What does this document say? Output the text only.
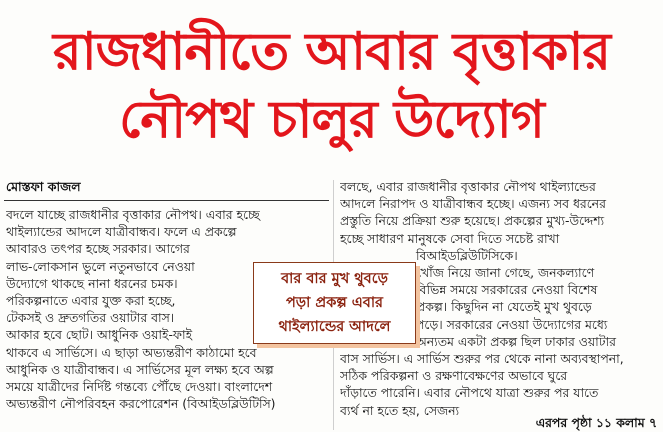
রাজধানীতে আবার বৃত্তাকার
নৌপথ চালুর উদ্যোগ
মোস্তফা কাজল
বদলে যাচ্ছে রাজধানীর বৃত্তাকার নৌপথ। এবার হচ্ছে
থাইল্যান্ডের আদলে যাত্রীবান্ধব। ফলে এ প্রকল্পে
আবারও তৎপর হচ্ছে সরকার। আগের
লাভ-লোকসান ভুলে নতুনভাবে নেওয়া
উদ্যোগে থাকছে নানা ধরনের চমক।
পরিকল্পনাতে এবার যুক্ত করা হচ্ছে,
টেকসই ও দ্রুতগতির ওয়াটার বাস।
আকার হবে ছোট। আধুনিক ওয়াই-ফাই
থাকবে এ সার্ভিসে। এ ছাড়া অভ্যন্তরীণ কাঠামো হবে
আধুনিক ও যাত্রীবান্ধব। এ সার্ভিসের মূল লক্ষ্য হবে অল্প
সময়ে যাত্রীদের নির্দিষ্ট গন্তব্যে পৌঁছে দেওয়া। বাংলাদেশ
অভ্যন্তরীণ নৌপরিবহন করপোরেশন (বিআইডব্লিউটিসি)
বলছে, এবার রাজধানীর বৃত্তাকার নৌপথ থাইল্যান্ডের
আদলে নিরাপদ ও যাত্রীবান্ধব হচ্ছে। এজন্য সব ধরনের
প্রস্তুতি নিয়ে প্রক্রিয়া শুরু হয়েছে। প্রকল্পের মুখ্য-উদ্দেশ্য
হচ্ছে সাধারণ মানুষকে সেবা দিতে সচেষ্ট রাখা
বিআইডব্লিউটিসিকে।
খোঁজ নিয়ে জানা গেছে, জনকল্যাণে
বিভিন্ন সময়ে সরকারের নেওয়া বিশেষ
প্রকল্প। কিছুদিন না যেতেই মুখ থুবড়ে
পড়ে। সরকারের নেওয়া উদ্যোগের মধ্যে
অন্যতম একটা প্রকল্প ছিল ঢাকার ওয়াটার
বাস সার্ভিস। এ সার্ভিস শুরুর পর থেকে নানা অব্যবস্থাপনা,
সঠিক পরিকল্পনা ও রক্ষণাবেক্ষণের অভাবে ঘুরে
দাঁড়াতে পারেনি। এবার নৌপথে যাত্রা শুরুর পর যাতে
ব্যর্থ না হতে হয়, সেজন্য
বার বার মুখ থুবড়ে
পড়া প্রকল্প এবার
থাইল্যান্ডের আদলে
এরপর পৃষ্ঠা ১১ কলাম ৭
